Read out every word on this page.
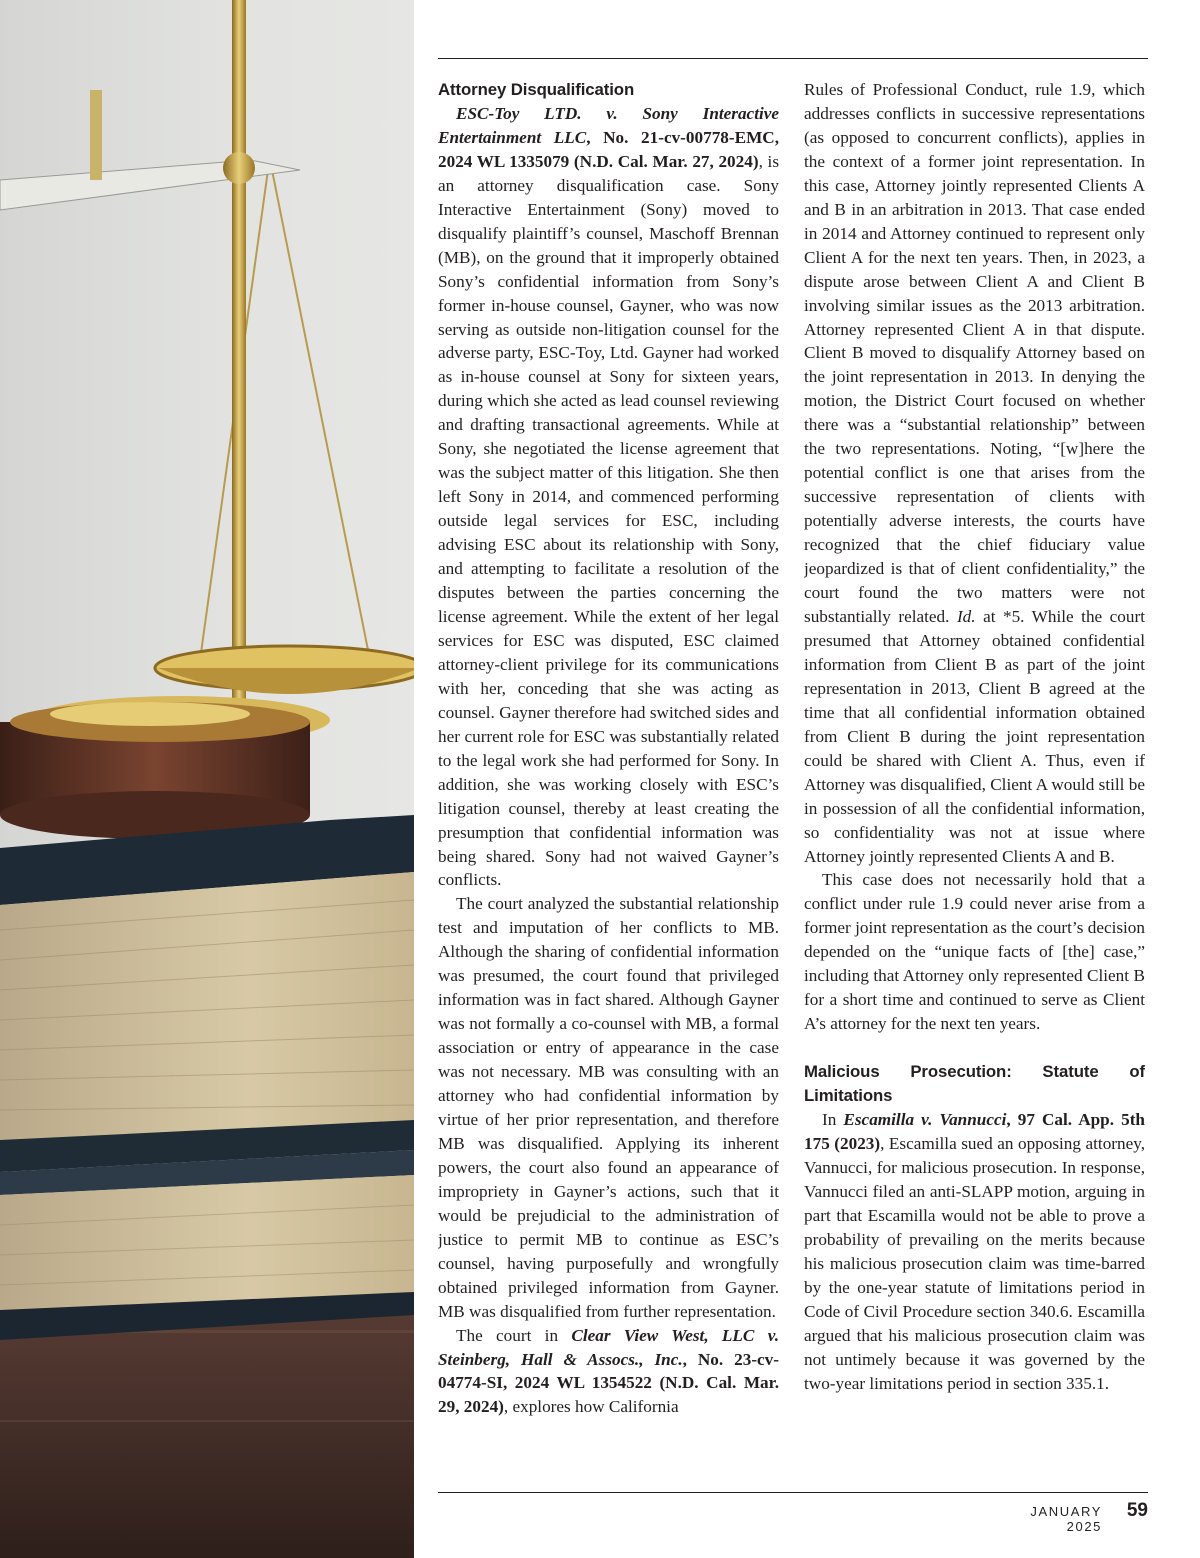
Attorney Disqualification

ESC-Toy LTD. v. Sony Interactive Entertainment LLC, No. 21-cv-00778-EMC, 2024 WL 1335079 (N.D. Cal. Mar. 27, 2024), is an attorney disqualification case. Sony Interactive Entertainment (Sony) moved to disqualify plaintiff’s counsel, Maschoff Brennan (MB), on the ground that it improperly obtained Sony’s confidential information from Sony’s former in-house counsel, Gayner, who was now serving as outside non-litigation counsel for the adverse party, ESC-Toy, Ltd. Gayner had worked as in-house counsel at Sony for sixteen years, during which she acted as lead counsel reviewing and drafting transactional agreements. While at Sony, she negotiated the license agreement that was the subject matter of this litigation. She then left Sony in 2014, and commenced performing outside legal services for ESC, including advising ESC about its relationship with Sony, and attempting to facilitate a resolution of the disputes between the parties concerning the license agreement. While the extent of her legal services for ESC was disputed, ESC claimed attorney-client privilege for its communications with her, conceding that she was acting as counsel. Gayner therefore had switched sides and her current role for ESC was substantially related to the legal work she had performed for Sony. In addition, she was working closely with ESC’s litigation counsel, thereby at least creating the presumption that confidential information was being shared. Sony had not waived Gayner’s conflicts.

The court analyzed the substantial relationship test and imputation of her conflicts to MB. Although the sharing of confidential information was presumed, the court found that privileged information was in fact shared. Although Gayner was not formally a co-counsel with MB, a formal association or entry of appearance in the case was not necessary. MB was consulting with an attorney who had confidential information by virtue of her prior representation, and therefore MB was disqualified. Applying its inherent powers, the court also found an appearance of impropriety in Gayner’s actions, such that it would be prejudicial to the administration of justice to permit MB to continue as ESC’s counsel, having purposefully and wrongfully obtained privileged information from Gayner. MB was disqualified from further representation.

The court in Clear View West, LLC v. Steinberg, Hall & Assocs., Inc., No. 23-cv-04774-SI, 2024 WL 1354522 (N.D. Cal. Mar. 29, 2024), explores how California

Rules of Professional Conduct, rule 1.9, which addresses conflicts in successive representations (as opposed to concurrent conflicts), applies in the context of a former joint representation. In this case, Attorney jointly represented Clients A and B in an arbitration in 2013. That case ended in 2014 and Attorney continued to represent only Client A for the next ten years. Then, in 2023, a dispute arose between Client A and Client B involving similar issues as the 2013 arbitration. Attorney represented Client A in that dispute. Client B moved to disqualify Attorney based on the joint representation in 2013. In denying the motion, the District Court focused on whether there was a “substantial relationship” between the two representations. Noting, “[w]here the potential conflict is one that arises from the successive representation of clients with potentially adverse interests, the courts have recognized that the chief fiduciary value jeopardized is that of client confidentiality,” the court found the two matters were not substantially related. Id. at *5. While the court presumed that Attorney obtained confidential information from Client B as part of the joint representation in 2013, Client B agreed at the time that all confidential information obtained from Client B during the joint representation could be shared with Client A. Thus, even if Attorney was disqualified, Client A would still be in possession of all the confidential information, so confidentiality was not at issue where Attorney jointly represented Clients A and B.

This case does not necessarily hold that a conflict under rule 1.9 could never arise from a former joint representation as the court’s decision depended on the “unique facts of [the] case,” including that Attorney only represented Client B for a short time and continued to serve as Client A’s attorney for the next ten years.

Malicious Prosecution: Statute of Limitations

In Escamilla v. Vannucci, 97 Cal. App. 5th 175 (2023), Escamilla sued an opposing attorney, Vannucci, for malicious prosecution. In response, Vannucci filed an anti-SLAPP motion, arguing in part that Escamilla would not be able to prove a probability of prevailing on the merits because his malicious prosecution claim was time-barred by the one-year statute of limitations period in Code of Civil Procedure section 340.6. Escamilla argued that his malicious prosecution claim was not untimely because it was governed by the two-year limitations period in section 335.1.

JANUARY 2025
59
